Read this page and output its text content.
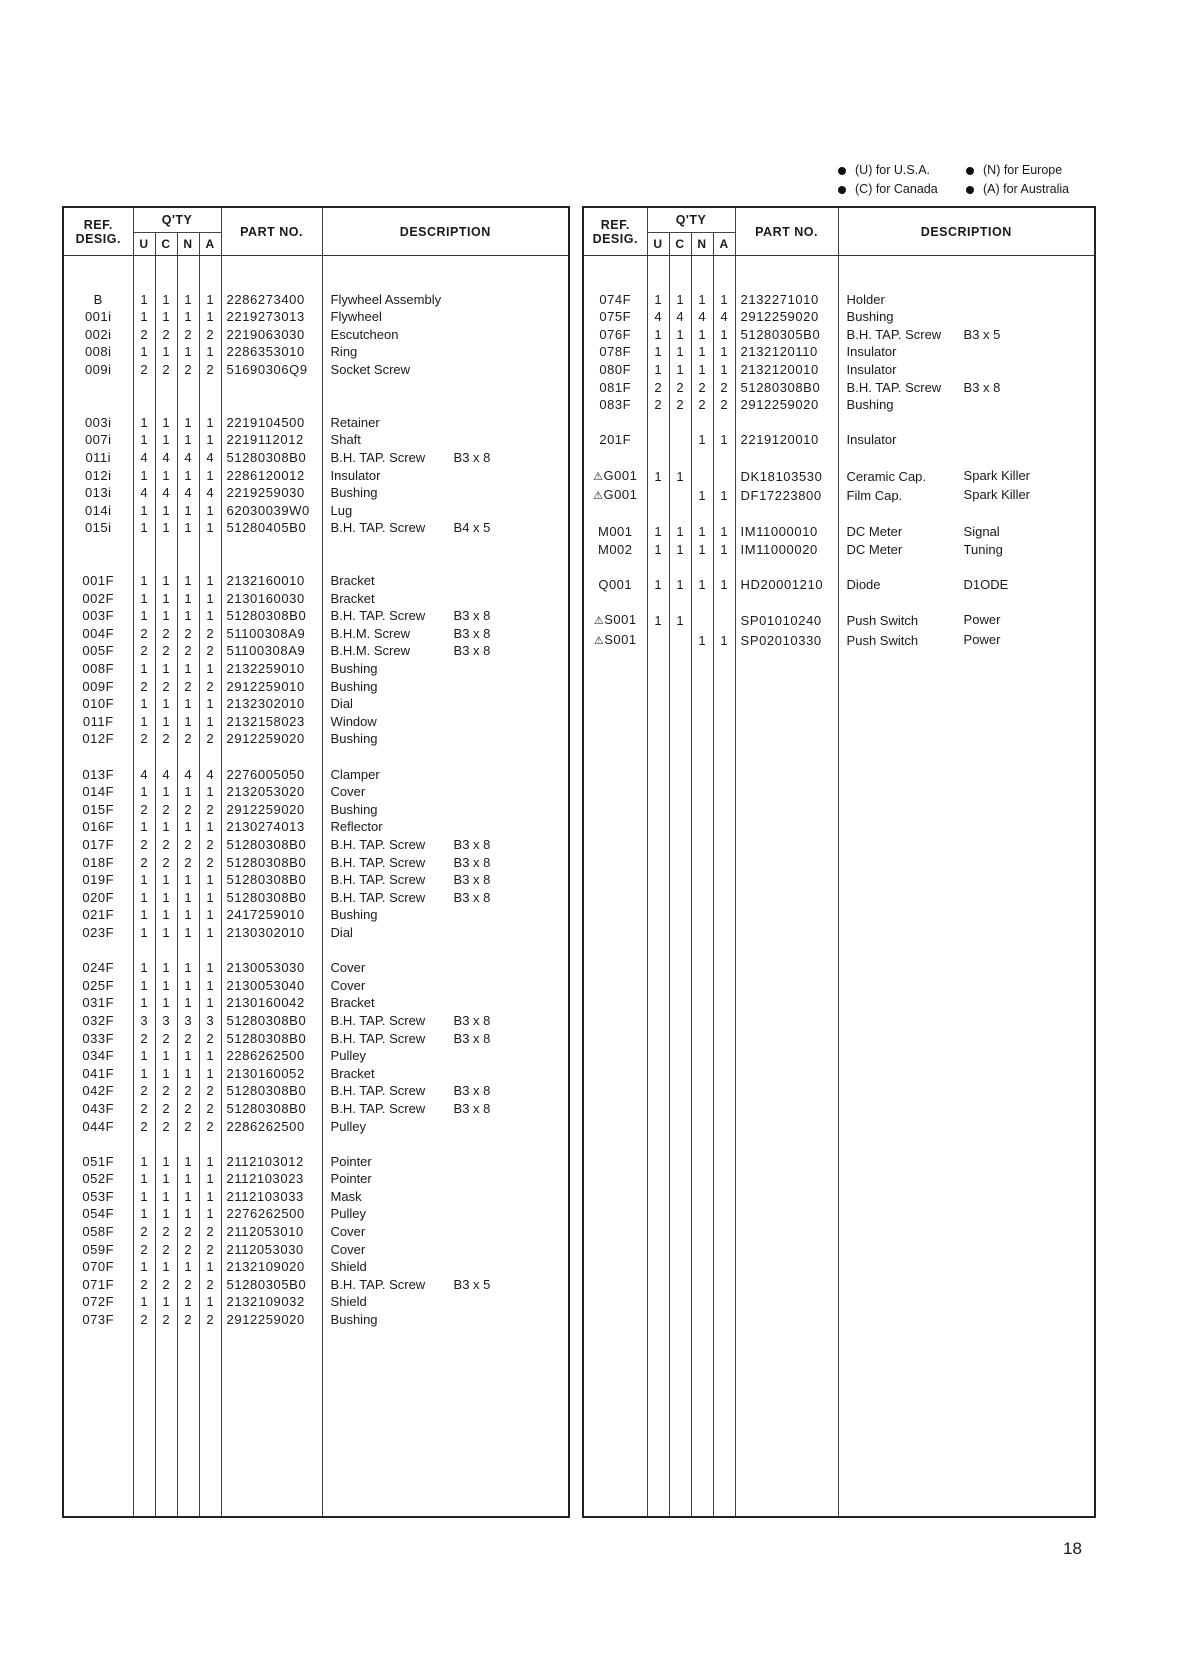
(U) for U.S.A.	(N) for Europe
(C) for Canada	(A) for Australia
REF.
DESIG.	Q'TY				PART NO.	DESCRIPTION
	U	C	N	A		

B	1	1	1	1	2286273400	Flywheel Assembly

001i	1	1	1	1	2219273013	Flywheel

002i	2	2	2	2	2219063030	Escutcheon

008i	1	1	1	1	2286353010	Ring

009i	2	2	2	2	51690306Q9	Socket Screw

003i	1	1	1	1	2219104500	Retainer

007i	1	1	1	1	2219112012	Shaft

011i	4	4	4	4	51280308B0	B.H. TAP. Screw B3 x 8

012i	1	1	1	1	2286120012	Insulator

013i	4	4	4	4	2219259030	Bushing

014i	1	1	1	1	62030039W0	Lug

015i	1	1	1	1	51280405B0	B.H. TAP. Screw B4 x 5

001F	1	1	1	1	2132160010	Bracket

002F	1	1	1	1	2130160030	Bracket

003F	1	1	1	1	51280308B0	B.H. TAP. Screw B3 x 8

004F	2	2	2	2	51100308A9	B.H.M. Screw B3 x 8

005F	2	2	2	2	51100308A9	B.H.M. Screw B3 x 8

008F	1	1	1	1	2132259010	Bushing

009F	2	2	2	2	2912259010	Bushing

010F	1	1	1	1	2132302010	Dial

011F	1	1	1	1	2132158023	Window

012F	2	2	2	2	2912259020	Bushing

013F	4	4	4	4	2276005050	Clamper

014F	1	1	1	1	2132053020	Cover

015F	2	2	2	2	2912259020	Bushing

016F	1	1	1	1	2130274013	Reflector

017F	2	2	2	2	51280308B0	B.H. TAP. Screw B3 x 8

018F	2	2	2	2	51280308B0	B.H. TAP. Screw B3 x 8

019F	1	1	1	1	51280308B0	B.H. TAP. Screw B3 x 8

020F	1	1	1	1	51280308B0	B.H. TAP. Screw B3 x 8

021F	1	1	1	1	2417259010	Bushing

023F	1	1	1	1	2130302010	Dial

024F	1	1	1	1	2130053030	Cover

025F	1	1	1	1	2130053040	Cover

031F	1	1	1	1	2130160042	Bracket

032F	3	3	3	3	51280308B0	B.H. TAP. Screw B3 x 8

033F	2	2	2	2	51280308B0	B.H. TAP. Screw B3 x 8

034F	1	1	1	1	2286262500	Pulley

041F	1	1	1	1	2130160052	Bracket

042F	2	2	2	2	51280308B0	B.H. TAP. Screw B3 x 8

043F	2	2	2	2	51280308B0	B.H. TAP. Screw B3 x 8

044F	2	2	2	2	2286262500	Pulley

051F	1	1	1	1	2112103012	Pointer

052F	1	1	1	1	2112103023	Pointer

053F	1	1	1	1	2112103033	Mask

054F	1	1	1	1	2276262500	Pulley

058F	2	2	2	2	2112053010	Cover

059F	2	2	2	2	2112053030	Cover

070F	1	1	1	1	2132109020	Shield

071F	2	2	2	2	51280305B0	B.H. TAP. Screw B3 x 5

072F	1	1	1	1	2132109032	Shield

073F	2	2	2	2	2912259020	Bushing

REF.
DESIG.	Q'TY				PART NO.	DESCRIPTION
	U	C	N	A		

074F	1	1	1	1	2132271010	Holder

075F	4	4	4	4	2912259020	Bushing

076F	1	1	1	1	51280305B0	B.H. TAP. Screw B3 x 5

078F	1	1	1	1	2132120110	Insulator

080F	1	1	1	1	2132120010	Insulator

081F	2	2	2	2	51280308B0	B.H. TAP. Screw B3 x 8

083F	2	2	2	2	2912259020	Bushing

201F			1	1	2219120010	Insulator

⚠G001	1	1			DK18103530	Ceramic Cap. Spark Killer

⚠G001			1	1	DF17223800	Film Cap. Spark Killer

M001	1	1	1	1	IM11000010	DC Meter Signal

M002	1	1	1	1	IM11000020	DC Meter Tuning

Q001	1	1	1	1	HD20001210	Diode D1ODE

⚠S001	1	1			SP01010240	Push Switch Power

⚠S001			1	1	SP02010330	Push Switch Power

18
